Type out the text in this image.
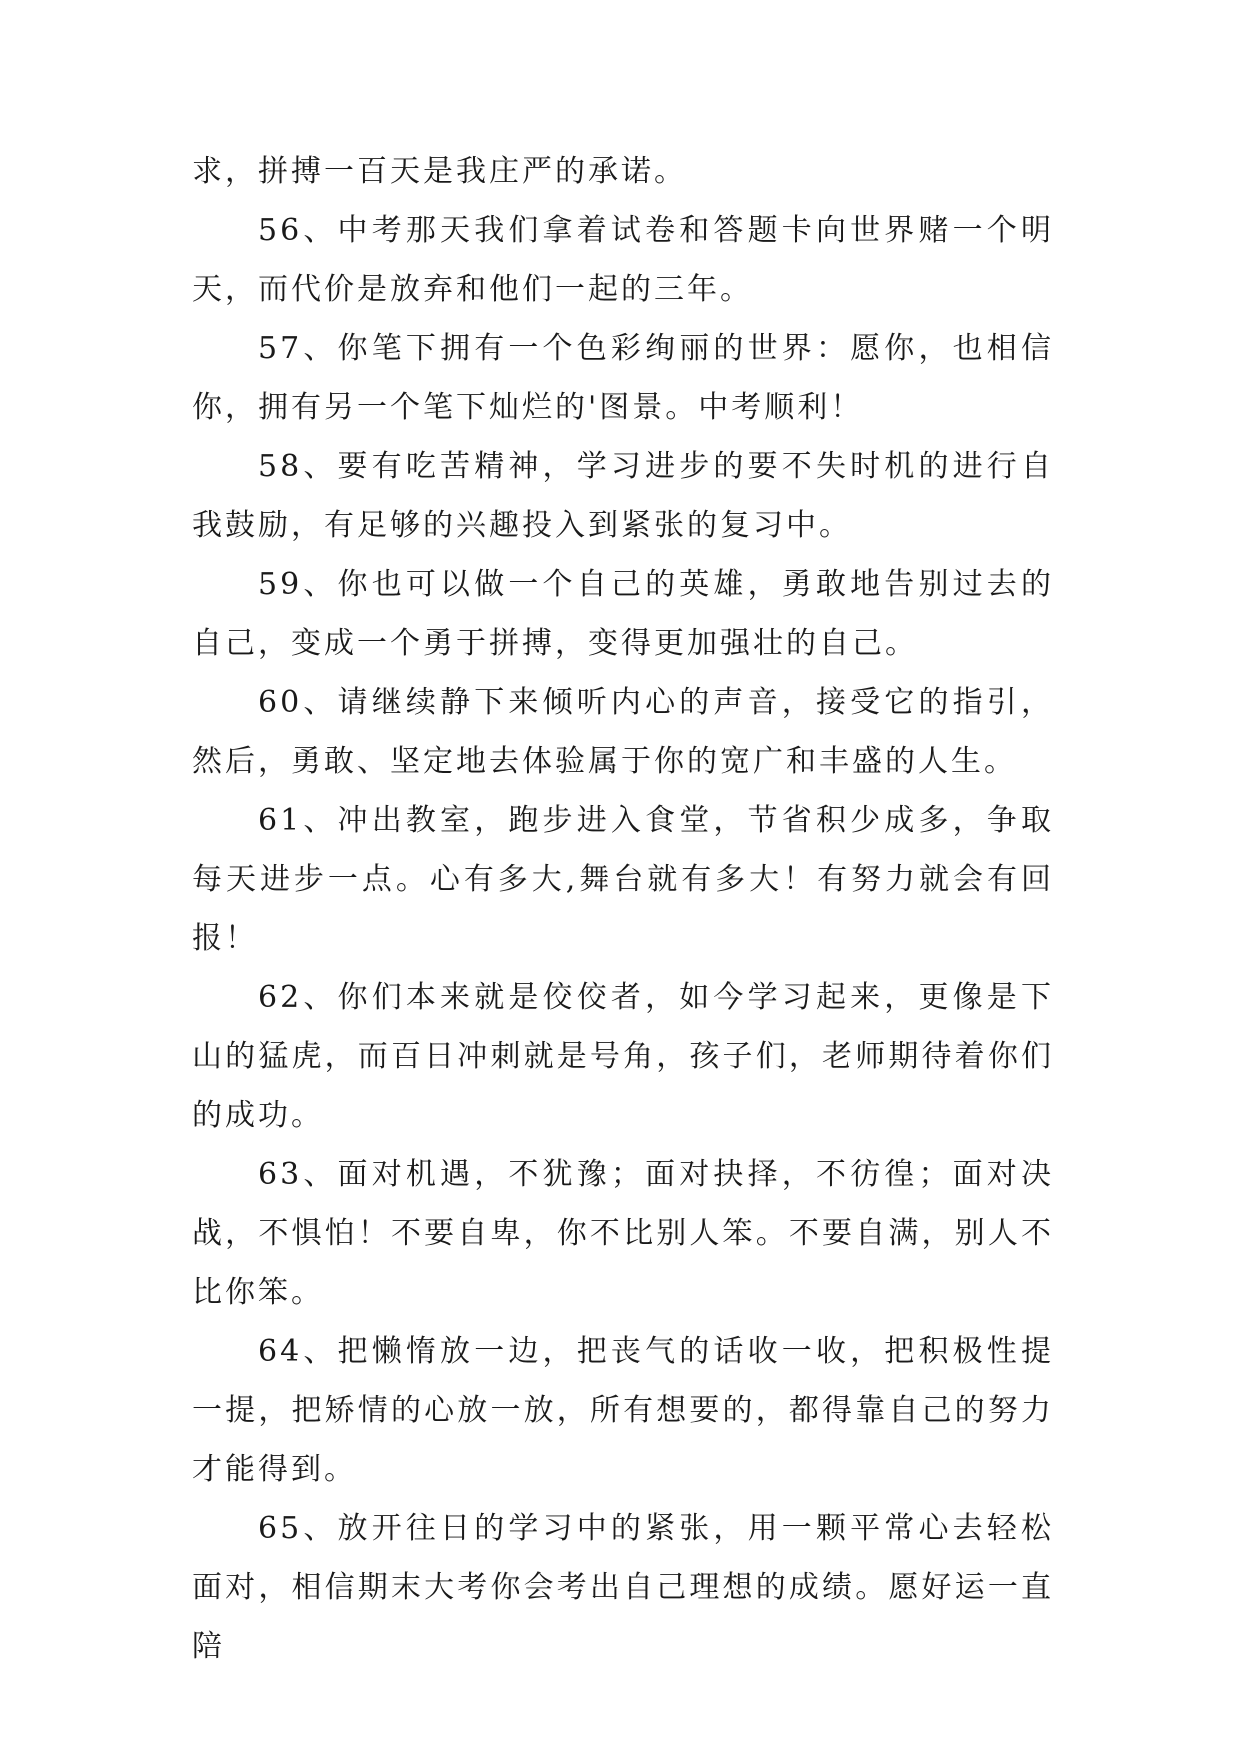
求，拼搏一百天是我庄严的承诺。

56、中考那天我们拿着试卷和答题卡向世界赌一个明天，而代价是放弃和他们一起的三年。

57、你笔下拥有一个色彩绚丽的世界：愿你，也相信你，拥有另一个笔下灿烂的'图景。中考顺利！

58、要有吃苦精神，学习进步的要不失时机的进行自我鼓励，有足够的兴趣投入到紧张的复习中。

59、你也可以做一个自己的英雄，勇敢地告别过去的自己，变成一个勇于拼搏，变得更加强壮的自己。

60、请继续静下来倾听内心的声音，接受它的指引，然后，勇敢、坚定地去体验属于你的宽广和丰盛的人生。

61、冲出教室，跑步进入食堂，节省积少成多，争取每天进步一点。心有多大,舞台就有多大！有努力就会有回报！

62、你们本来就是佼佼者，如今学习起来，更像是下山的猛虎，而百日冲刺就是号角，孩子们，老师期待着你们的成功。

63、面对机遇，不犹豫；面对抉择，不彷徨；面对决战，不惧怕！不要自卑，你不比别人笨。不要自满，别人不比你笨。

64、把懒惰放一边，把丧气的话收一收，把积极性提一提，把矫情的心放一放，所有想要的，都得靠自己的努力才能得到。

65、放开往日的学习中的紧张，用一颗平常心去轻松面对，相信期末大考你会考出自己理想的成绩。愿好运一直陪
